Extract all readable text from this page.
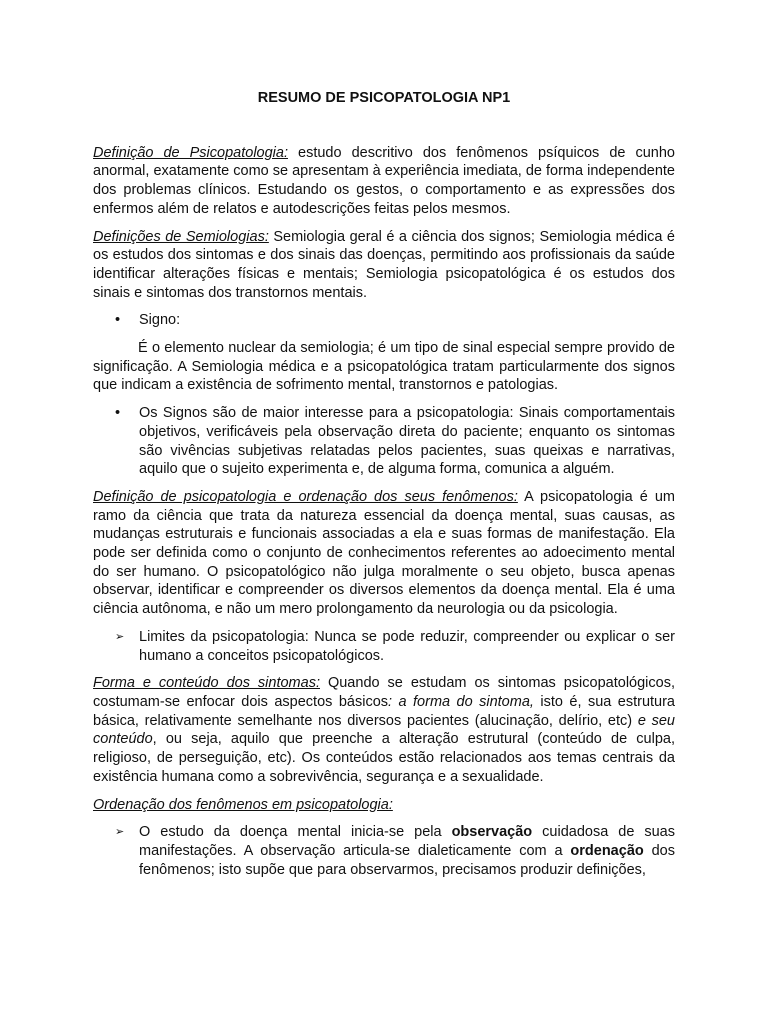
RESUMO DE PSICOPATOLOGIA NP1

Definição de Psicopatologia: estudo descritivo dos fenômenos psíquicos de cunho anormal, exatamente como se apresentam à experiência imediata, de forma independente dos problemas clínicos. Estudando os gestos, o comportamento e as expressões dos enfermos além de relatos e autodescrições feitas pelos mesmos.

Definições de Semiologias: Semiologia geral é a ciência dos signos; Semiologia médica é os estudos dos sintomas e dos sinais das doenças, permitindo aos profissionais da saúde identificar alterações físicas e mentais; Semiologia psicopatológica é os estudos dos sinais e sintomas dos transtornos mentais.

•	Signo:

É o elemento nuclear da semiologia; é um tipo de sinal especial sempre provido de significação. A Semiologia médica e a psicopatológica tratam particularmente dos signos que indicam a existência de sofrimento mental, transtornos e patologias.

•	Os Signos são de maior interesse para a psicopatologia: Sinais comportamentais objetivos, verificáveis pela observação direta do paciente; enquanto os sintomas são vivências subjetivas relatadas pelos pacientes, suas queixas e narrativas, aquilo que o sujeito experimenta e, de alguma forma, comunica a alguém.

Definição de psicopatologia e ordenação dos seus fenômenos: A psicopatologia é um ramo da ciência que trata da natureza essencial da doença mental, suas causas, as mudanças estruturais e funcionais associadas a ela e suas formas de manifestação. Ela pode ser definida como o conjunto de conhecimentos referentes ao adoecimento mental do ser humano. O psicopatológico não julga moralmente o seu objeto, busca apenas observar, identificar e compreender os diversos elementos da doença mental. Ela é uma ciência autônoma, e não um mero prolongamento da neurologia ou da psicologia.

➢ Limites da psicopatologia: Nunca se pode reduzir, compreender ou explicar o ser humano a conceitos psicopatológicos.

Forma e conteúdo dos sintomas: Quando se estudam os sintomas psicopatológicos, costumam-se enfocar dois aspectos básicos: a forma do sintoma, isto é, sua estrutura básica, relativamente semelhante nos diversos pacientes (alucinação, delírio, etc) e seu conteúdo, ou seja, aquilo que preenche a alteração estrutural (conteúdo de culpa, religioso, de perseguição, etc). Os conteúdos estão relacionados aos temas centrais da existência humana como a sobrevivência, segurança e a sexualidade.

Ordenação dos fenômenos em psicopatologia:

➢ O estudo da doença mental inicia-se pela observação cuidadosa de suas manifestações. A observação articula-se dialeticamente com a ordenação dos fenômenos; isto supõe que para observarmos, precisamos produzir definições,
